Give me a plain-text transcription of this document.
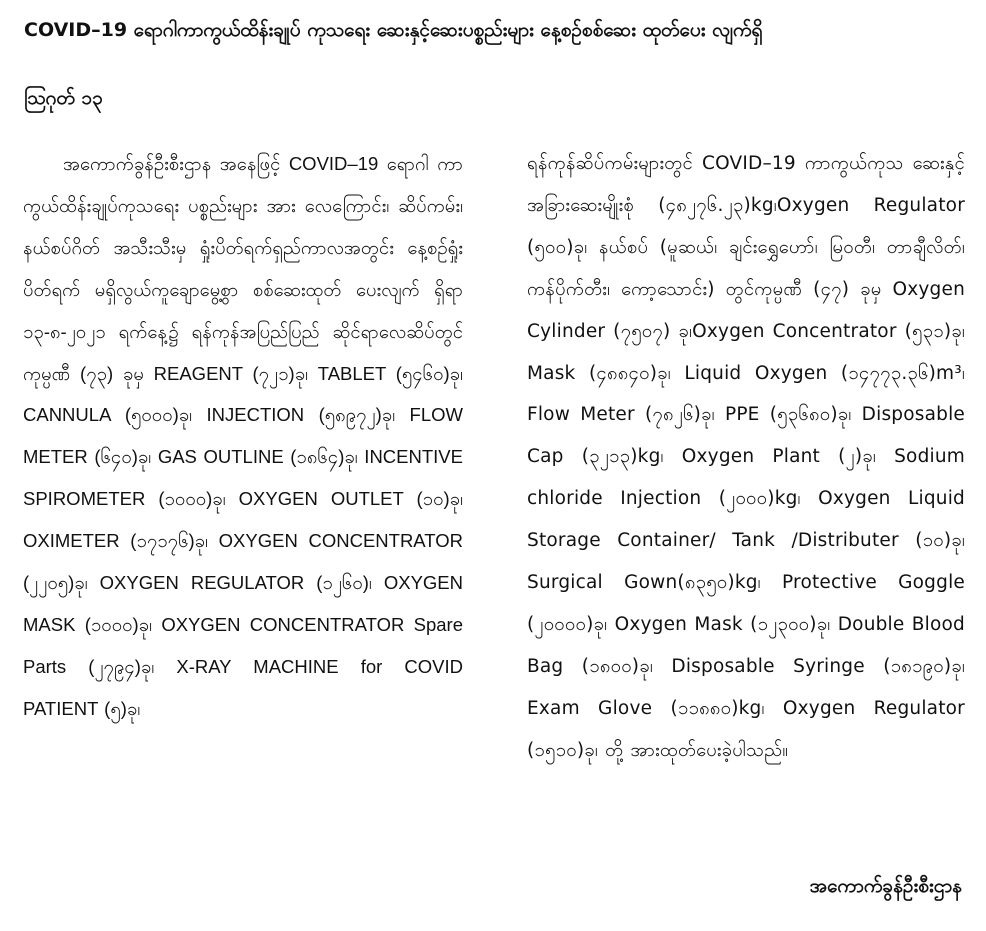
COVID–19 ရောဂါကာကွယ်ထိန်းချုပ် ကုသရေး ဆေးနှင့်ဆေးပစ္စည်းများ နေ့စဉ်စစ်ဆေး ထုတ်ပေး လျက်ရှိ
ဩဂုတ် ၁၃

အကောက်ခွန်ဦးစီးဌာန အနေဖြင့် COVID–19 ရောဂါ ကာကွယ်ထိန်းချုပ်ကုသရေး ပစ္စည်းများ အား လေကြောင်း၊ ဆိပ်ကမ်း၊ နယ်စပ်ဂိတ် အသီးသီးမှ ရှုံးပိတ်ရက်ရှည်ကာလအတွင်း နေ့စဉ်ရှုံးပိတ်ရက် မရှိလွယ်ကူချောမွေ့စွာ စစ်ဆေးထုတ် ပေးလျက် ရှိရာ ၁၃-၈-၂၀၂၁ ရက်နေ့၌ ရန်ကုန်အပြည်ပြည် ဆိုင်ရာလေဆိပ်တွင် ကုမ္ပဏီ (၇၃) ခုမှ REAGENT (၇၂၁)ခု၊ TABLET (၅၄၆၀)ခု၊ CANNULA (၅၀၀၀)ခု၊ INJECTION (၅၈၉၇၂)ခု၊ FLOW METER (၆၄၀)ခု၊ GAS OUTLINE (၁၈၆၄)ခု၊ INCENTIVE SPIROMETER (၁၀၀၀)ခု၊ OXYGEN OUTLET (၁၀)ခု၊ OXIMETER (၁၇၁၇၆)ခု၊ OXYGEN CONCENTRATOR (၂၂၀၅)ခု၊ OXYGEN REGULATOR (၁၂၆၀)၊ OXYGEN MASK (၁၀၀၀)ခု၊ OXYGEN CONCENTRATOR Spare Parts (၂၇၉၄)ခု၊ X-RAY MACHINE for COVID PATIENT (၅)ခု၊

ရန်ကုန်ဆိပ်ကမ်းများတွင် COVID–19 ကာကွယ်ကုသ ဆေးနှင့်အခြားဆေးမျိုးစုံ (၄၈၂၇၆.၂၃)kg၊Oxygen Regulator (၅၀၀)ခု၊ နယ်စပ် (မူဆယ်၊ ချင်းရွှေဟော်၊ မြဝတီ၊ တာချီလိတ်၊ ကန်ပိုက်တီး၊ ကော့သောင်း) တွင်ကုမ္ပဏီ (၄၇) ခုမှ Oxygen Cylinder (၇၅၀၇) ခု၊Oxygen Concentrator (၅၃၁)ခု၊ Mask (၄၈၈၄၀)ခု၊ Liquid Oxygen (၁၄၇၇၃.၃၆)m³၊ Flow Meter (၇၈၂၆)ခု၊ PPE (၅၃၆၈၀)ခု၊ Disposable Cap (၃၂၁၃)kg၊ Oxygen Plant (၂)ခု၊ Sodium chloride Injection (၂၀၀၀)kg၊ Oxygen Liquid Storage Container/ Tank /Distributer (၁၀)ခု၊ Surgical Gown(၈၃၅၀)kg၊ Protective Goggle (၂၀၀၀၀)ခု၊ Oxygen Mask (၁၂၃၀၀)ခု၊ Double Blood Bag (၁၈၀၀)ခု၊ Disposable Syringe (၁၈၁၉၀)ခု၊ Exam Glove (၁၁၈၈၀)kg၊ Oxygen Regulator (၁၅၁၀)ခု၊ တို့ အားထုတ်ပေးခဲ့ပါသည်။

အကောက်ခွန်ဦးစီးဌာန
